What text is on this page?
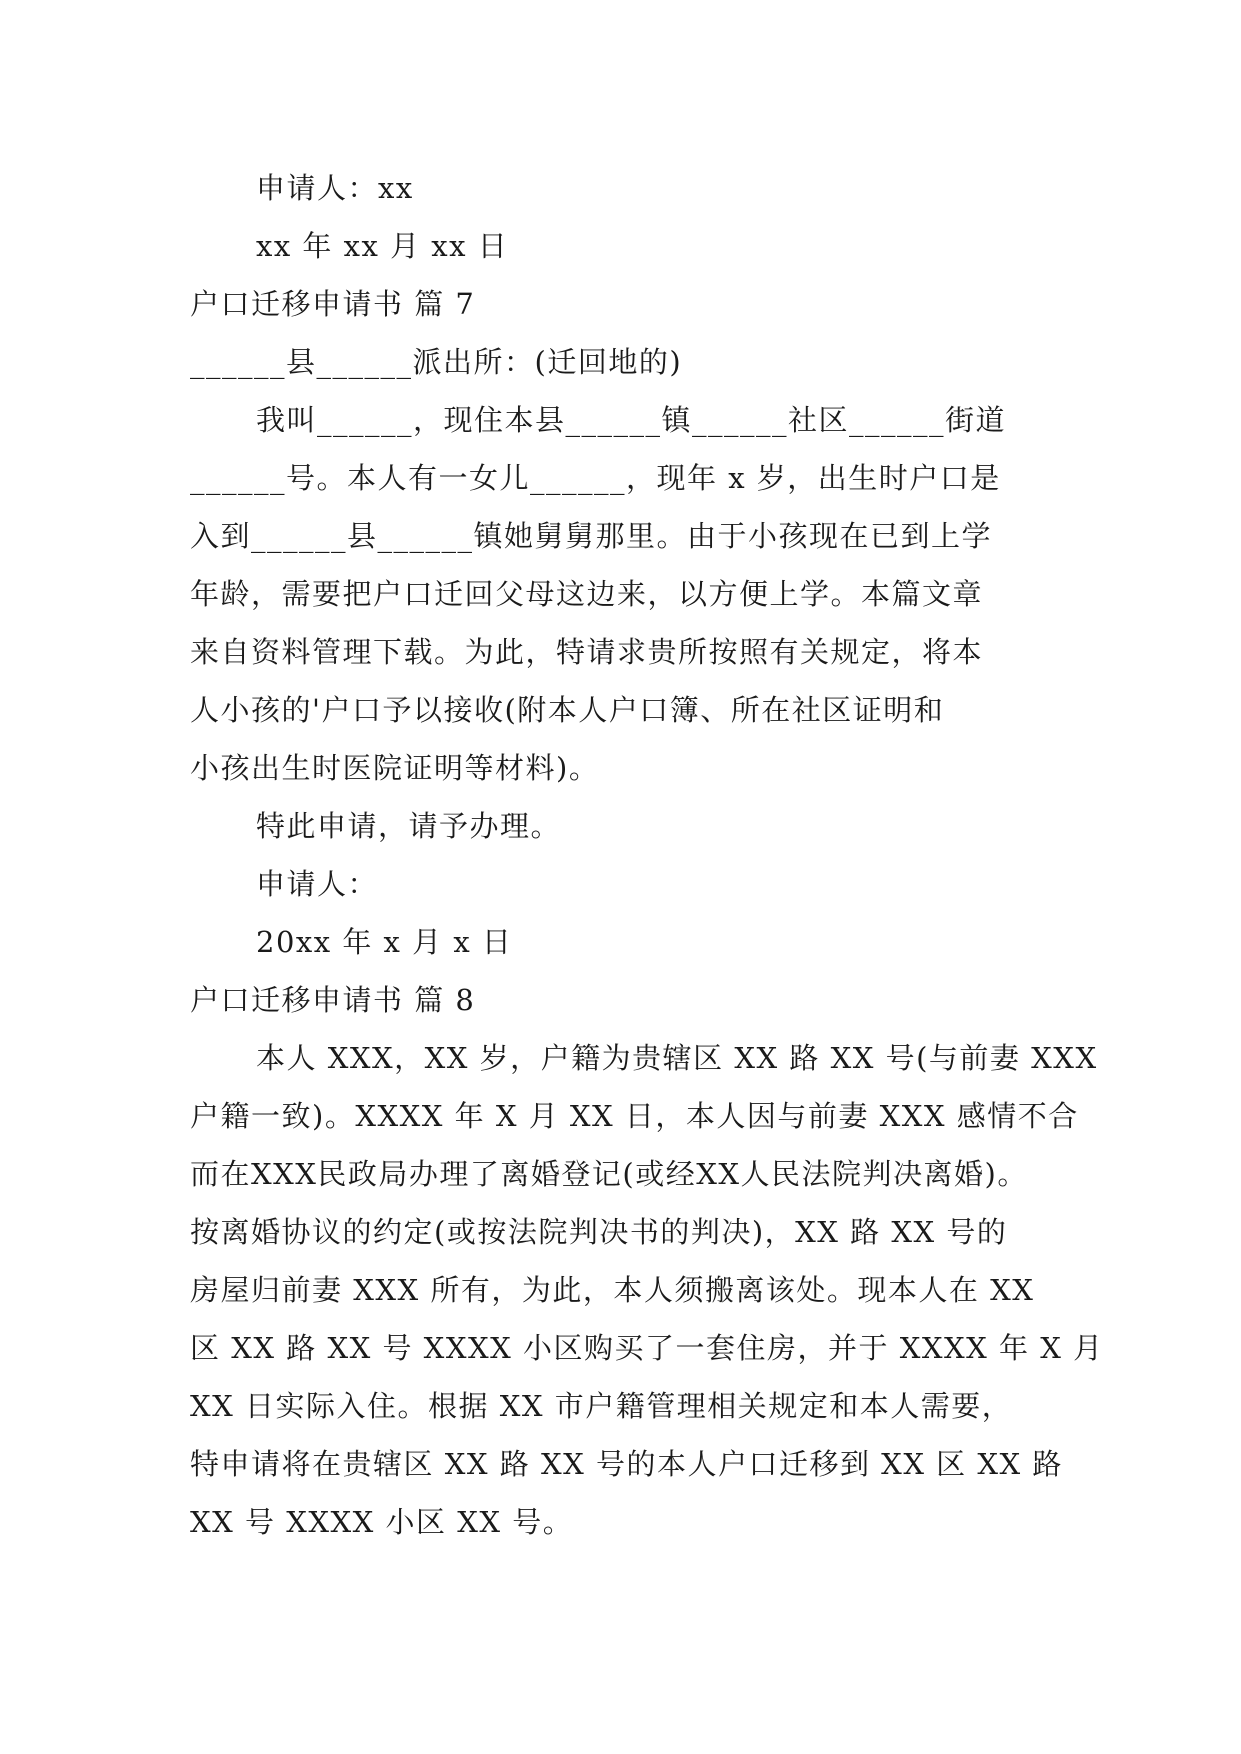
申请人：xx
xx 年 xx 月 xx 日
户口迁移申请书 篇 7
______县______派出所：(迁回地的)
我叫______，现住本县______镇______社区______街道
______号。本人有一女儿______，现年 x 岁，出生时户口是
入到______县______镇她舅舅那里。由于小孩现在已到上学
年龄，需要把户口迁回父母这边来，以方便上学。本篇文章
来自资料管理下载。为此，特请求贵所按照有关规定，将本
人小孩的'户口予以接收(附本人户口簿、所在社区证明和
小孩出生时医院证明等材料)。
特此申请，请予办理。
申请人：
20xx 年 x 月 x 日
户口迁移申请书 篇 8
本人 XXX，XX 岁，户籍为贵辖区 XX 路 XX 号(与前妻 XXX
户籍一致)。XXXX 年 X 月 XX 日，本人因与前妻 XXX 感情不合
而在XXX民政局办理了离婚登记(或经XX人民法院判决离婚)。
按离婚协议的约定(或按法院判决书的判决)，XX 路 XX 号的
房屋归前妻 XXX 所有，为此，本人须搬离该处。现本人在 XX
区 XX 路 XX 号 XXXX 小区购买了一套住房，并于 XXXX 年 X 月
XX 日实际入住。根据 XX 市户籍管理相关规定和本人需要，
特申请将在贵辖区 XX 路 XX 号的本人户口迁移到 XX 区 XX 路
XX 号 XXXX 小区 XX 号。
